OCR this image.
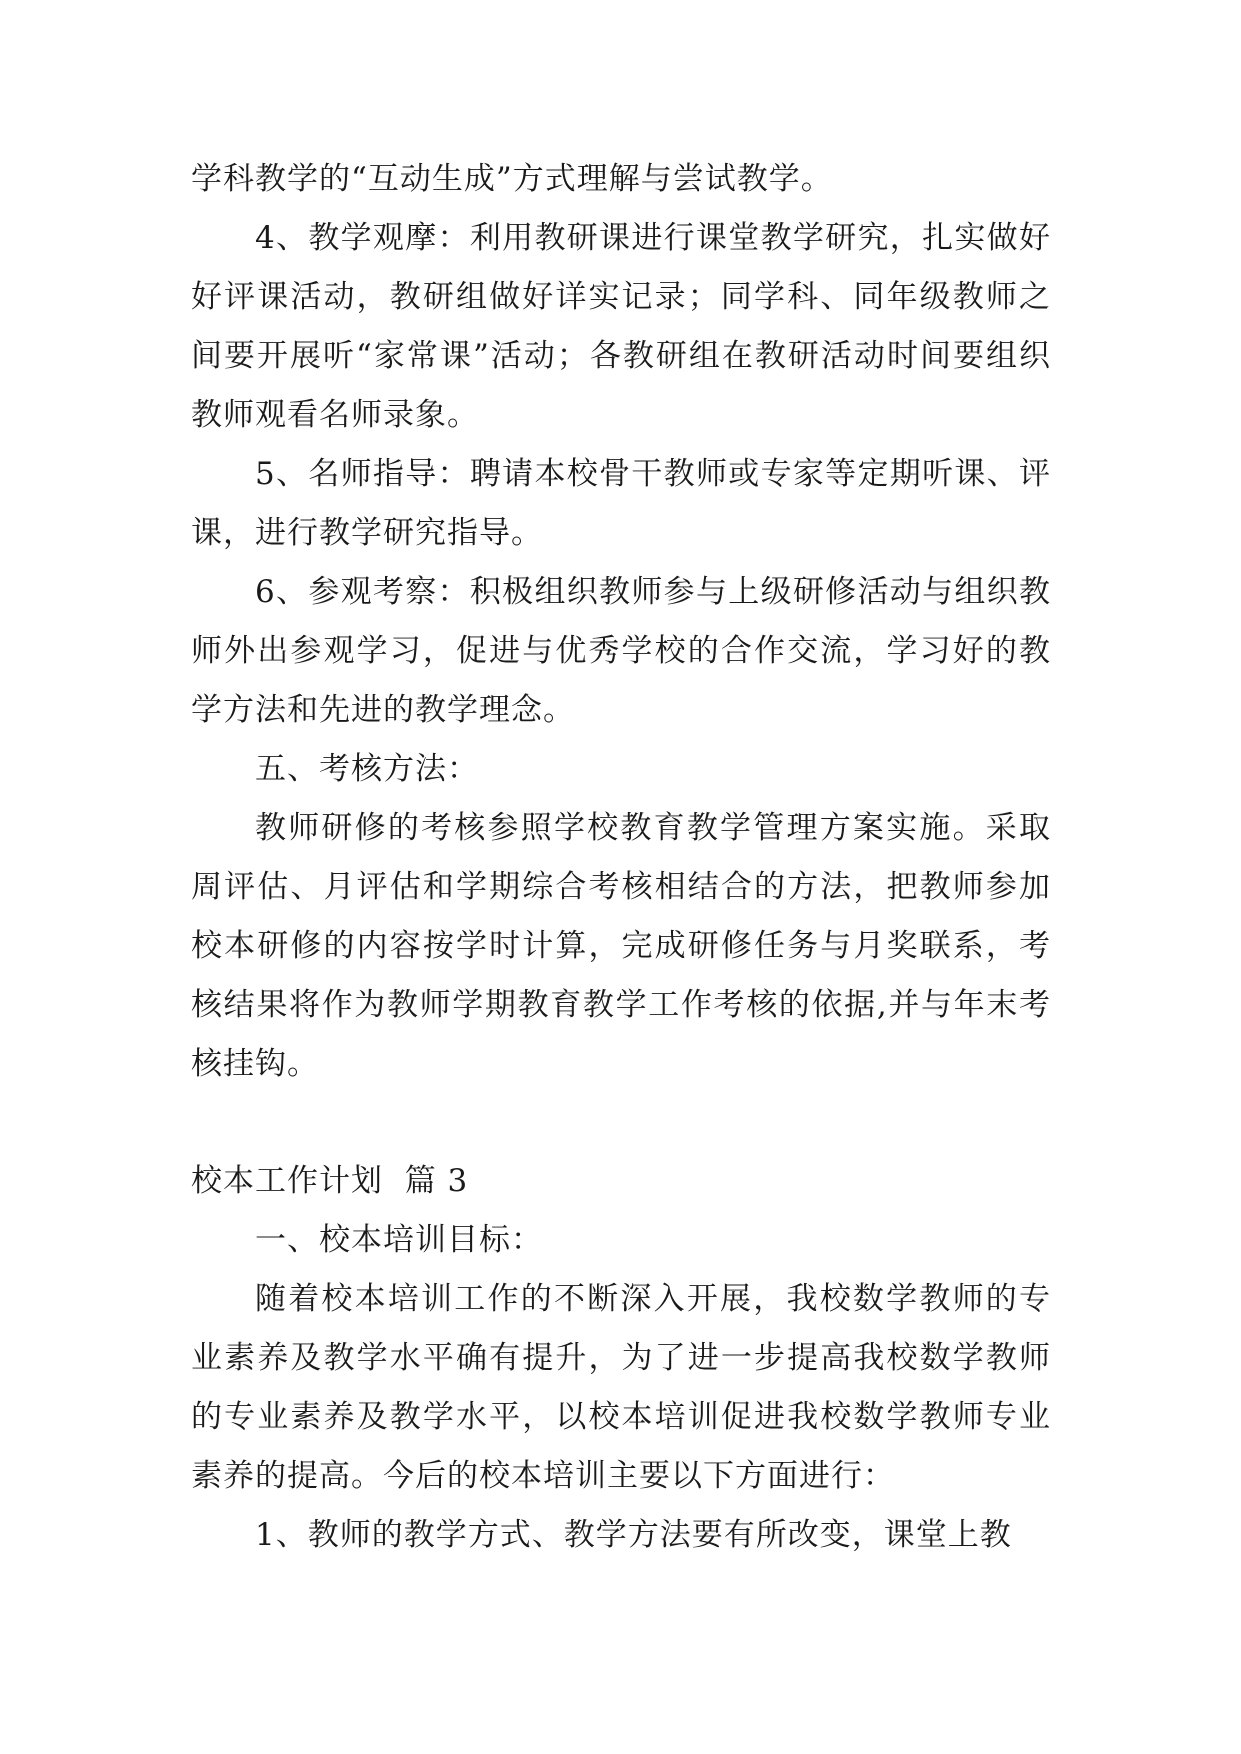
学科教学的“互动生成”方式理解与尝试教学。

4、教学观摩：利用教研课进行课堂教学研究，扎实做好好评课活动，教研组做好详实记录；同学科、同年级教师之间要开展听“家常课”活动；各教研组在教研活动时间要组织教师观看名师录象。

5、名师指导：聘请本校骨干教师或专家等定期听课、评课，进行教学研究指导。

6、参观考察：积极组织教师参与上级研修活动与组织教师外出参观学习，促进与优秀学校的合作交流，学习好的教学方法和先进的教学理念。

五、考核方法：

教师研修的考核参照学校教育教学管理方案实施。采取周评估、月评估和学期综合考核相结合的方法，把教师参加校本研修的内容按学时计算，完成研修任务与月奖联系，考核结果将作为教师学期教育教学工作考核的依据,并与年末考核挂钩。

校本工作计划  篇 3

一、校本培训目标：

随着校本培训工作的不断深入开展，我校数学教师的专业素养及教学水平确有提升，为了进一步提高我校数学教师的专业素养及教学水平，以校本培训促进我校数学教师专业素养的提高。今后的校本培训主要以下方面进行：

1、教师的教学方式、教学方法要有所改变，课堂上教
